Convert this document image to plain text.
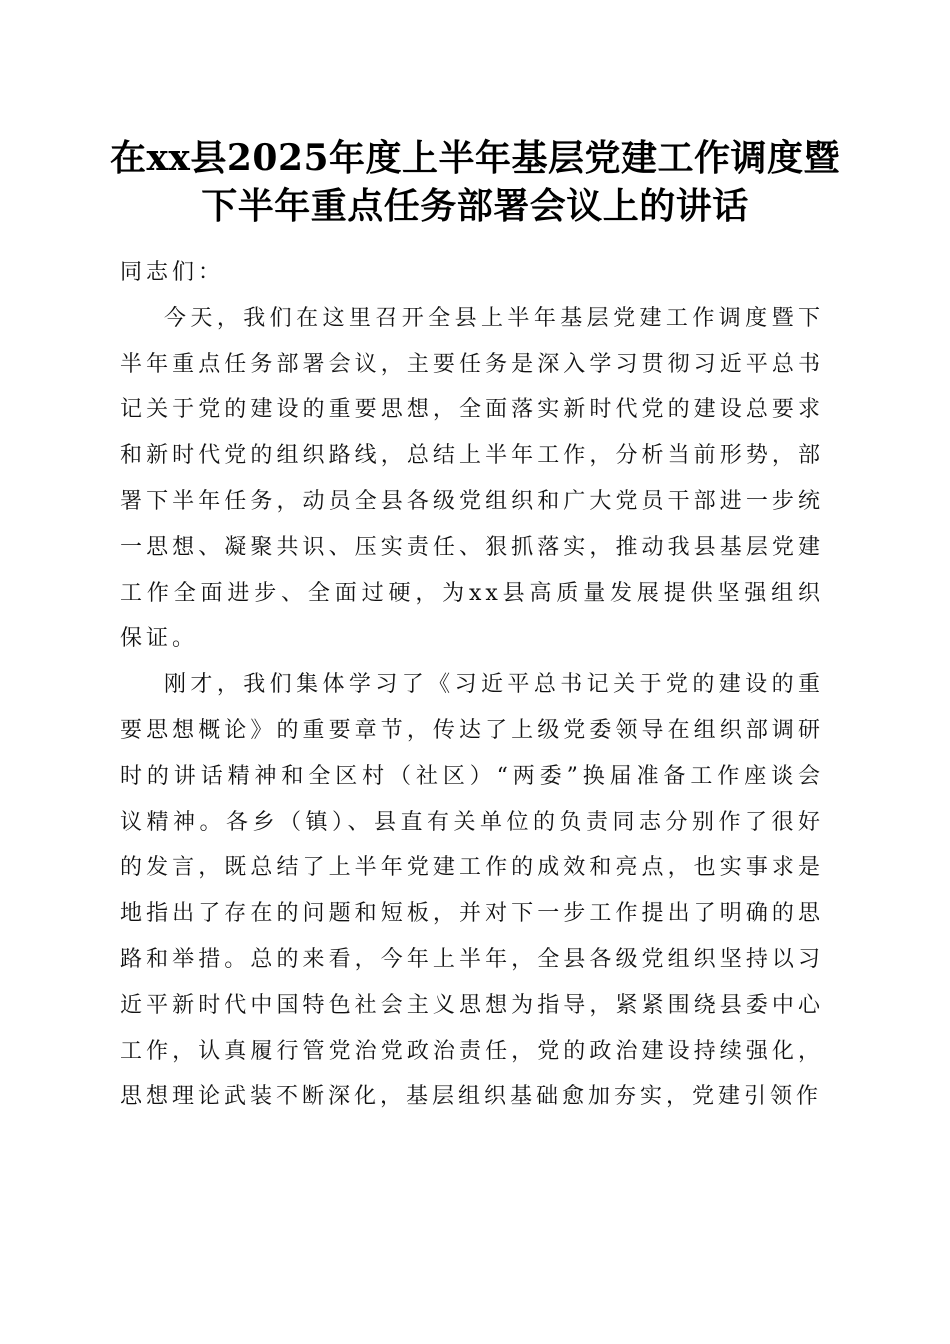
在xx县2025年度上半年基层党建工作调度暨
下半年重点任务部署会议上的讲话

同志们：

今天，我们在这里召开全县上半年基层党建工作调度暨下半年重点任务部署会议，主要任务是深入学习贯彻习近平总书记关于党的建设的重要思想，全面落实新时代党的建设总要求和新时代党的组织路线，总结上半年工作，分析当前形势，部署下半年任务，动员全县各级党组织和广大党员干部进一步统一思想、凝聚共识、压实责任、狠抓落实，推动我县基层党建工作全面进步、全面过硬，为xx县高质量发展提供坚强组织保证。

刚才，我们集体学习了《习近平总书记关于党的建设的重要思想概论》的重要章节，传达了上级党委领导在组织部调研时的讲话精神和全区村（社区）“两委”换届准备工作座谈会议精神。各乡（镇）、县直有关单位的负责同志分别作了很好的发言，既总结了上半年党建工作的成效和亮点，也实事求是地指出了存在的问题和短板，并对下一步工作提出了明确的思路和举措。总的来看，今年上半年，全县各级党组织坚持以习近平新时代中国特色社会主义思想为指导，紧紧围绕县委中心工作，认真履行管党治党政治责任，党的政治建设持续强化，思想理论武装不断深化，基层组织基础愈加夯实，党建引领作
